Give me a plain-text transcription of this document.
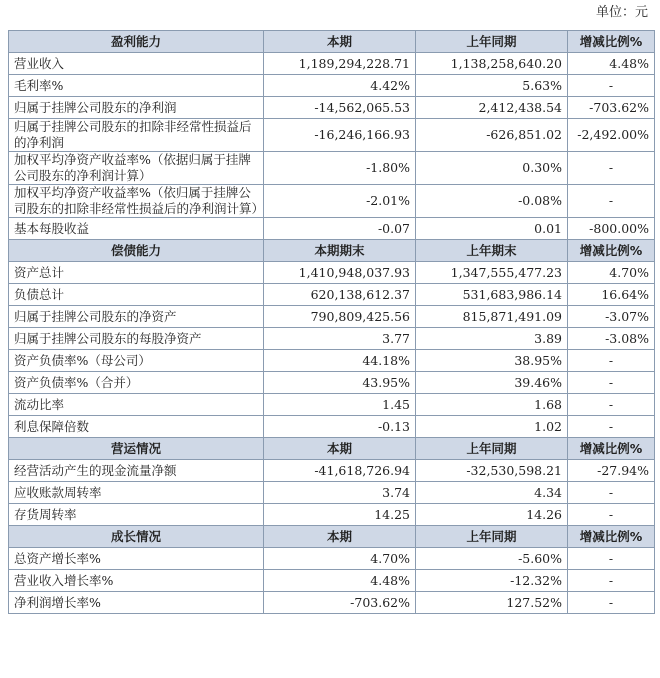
单位：元
盈利能力	本期	上年同期	增减比例%
营业收入	1,189,294,228.71	1,138,258,640.20	4.48%
毛利率%	4.42%	5.63%	-
归属于挂牌公司股东的净利润	-14,562,065.53	2,412,438.54	-703.62%
归属于挂牌公司股东的扣除非经常性损益后的净利润	-16,246,166.93	-626,851.02	-2,492.00%
加权平均净资产收益率%（依据归属于挂牌公司股东的净利润计算）	-1.80%	0.30%	-
加权平均净资产收益率%（依归属于挂牌公司股东的扣除非经常性损益后的净利润计算）	-2.01%	-0.08%	-
基本每股收益	-0.07	0.01	-800.00%
偿债能力	本期期末	上年期末	增减比例%
资产总计	1,410,948,037.93	1,347,555,477.23	4.70%
负债总计	620,138,612.37	531,683,986.14	16.64%
归属于挂牌公司股东的净资产	790,809,425.56	815,871,491.09	-3.07%
归属于挂牌公司股东的每股净资产	3.77	3.89	-3.08%
资产负债率%（母公司）	44.18%	38.95%	-
资产负债率%（合并）	43.95%	39.46%	-
流动比率	1.45	1.68	-
利息保障倍数	-0.13	1.02	-
营运情况	本期	上年同期	增减比例%
经营活动产生的现金流量净额	-41,618,726.94	-32,530,598.21	-27.94%
应收账款周转率	3.74	4.34	-
存货周转率	14.25	14.26	-
成长情况	本期	上年同期	增减比例%
总资产增长率%	4.70%	-5.60%	-
营业收入增长率%	4.48%	-12.32%	-
净利润增长率%	-703.62%	127.52%	-
